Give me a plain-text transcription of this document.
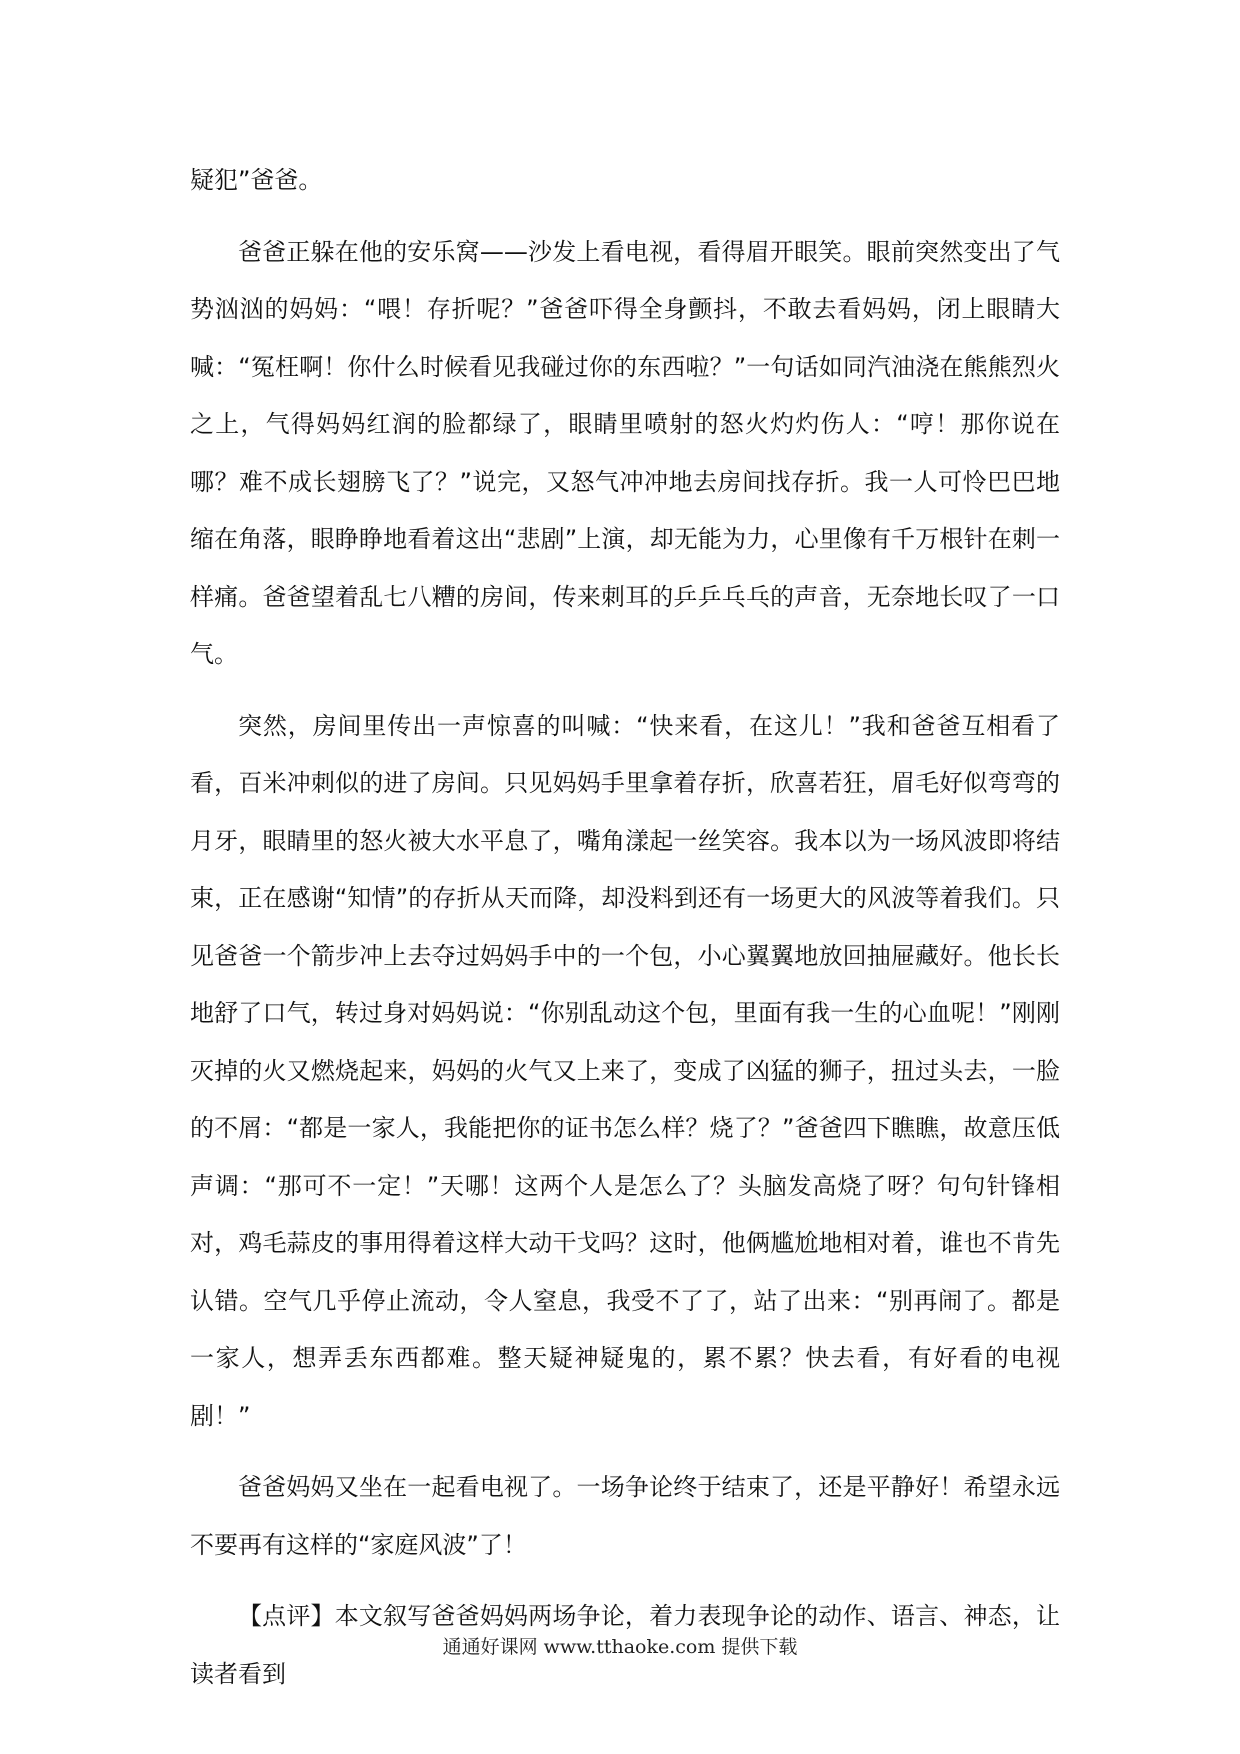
疑犯”爸爸。

爸爸正躲在他的安乐窝——沙发上看电视，看得眉开眼笑。眼前突然变出了气势汹汹的妈妈：“喂！存折呢？”爸爸吓得全身颤抖，不敢去看妈妈，闭上眼睛大喊：“冤枉啊！你什么时候看见我碰过你的东西啦？”一句话如同汽油浇在熊熊烈火之上，气得妈妈红润的脸都绿了，眼睛里喷射的怒火灼灼伤人：“哼！那你说在哪？难不成长翅膀飞了？”说完，又怒气冲冲地去房间找存折。我一人可怜巴巴地缩在角落，眼睁睁地看着这出“悲剧”上演，却无能为力，心里像有千万根针在刺一样痛。爸爸望着乱七八糟的房间，传来刺耳的乒乒乓乓的声音，无奈地长叹了一口气。

突然，房间里传出一声惊喜的叫喊：“快来看，在这儿！”我和爸爸互相看了看，百米冲刺似的进了房间。只见妈妈手里拿着存折，欣喜若狂，眉毛好似弯弯的月牙，眼睛里的怒火被大水平息了，嘴角漾起一丝笑容。我本以为一场风波即将结束，正在感谢“知情”的存折从天而降，却没料到还有一场更大的风波等着我们。只见爸爸一个箭步冲上去夺过妈妈手中的一个包，小心翼翼地放回抽屉藏好。他长长地舒了口气，转过身对妈妈说：“你别乱动这个包，里面有我一生的心血呢！”刚刚灭掉的火又燃烧起来，妈妈的火气又上来了，变成了凶猛的狮子，扭过头去，一脸的不屑：“都是一家人，我能把你的证书怎么样？烧了？”爸爸四下瞧瞧，故意压低声调：“那可不一定！”天哪！这两个人是怎么了？头脑发高烧了呀？句句针锋相对，鸡毛蒜皮的事用得着这样大动干戈吗？这时，他俩尴尬地相对着，谁也不肯先认错。空气几乎停止流动，令人窒息，我受不了了，站了出来：“别再闹了。都是一家人，想弄丢东西都难。整天疑神疑鬼的，累不累？快去看，有好看的电视剧！”

爸爸妈妈又坐在一起看电视了。一场争论终于结束了，还是平静好！希望永远不要再有这样的“家庭风波”了！

【点评】本文叙写爸爸妈妈两场争论，着力表现争论的动作、语言、神态，让读者看到

通通好课网 www.tthaoke.com 提供下载
